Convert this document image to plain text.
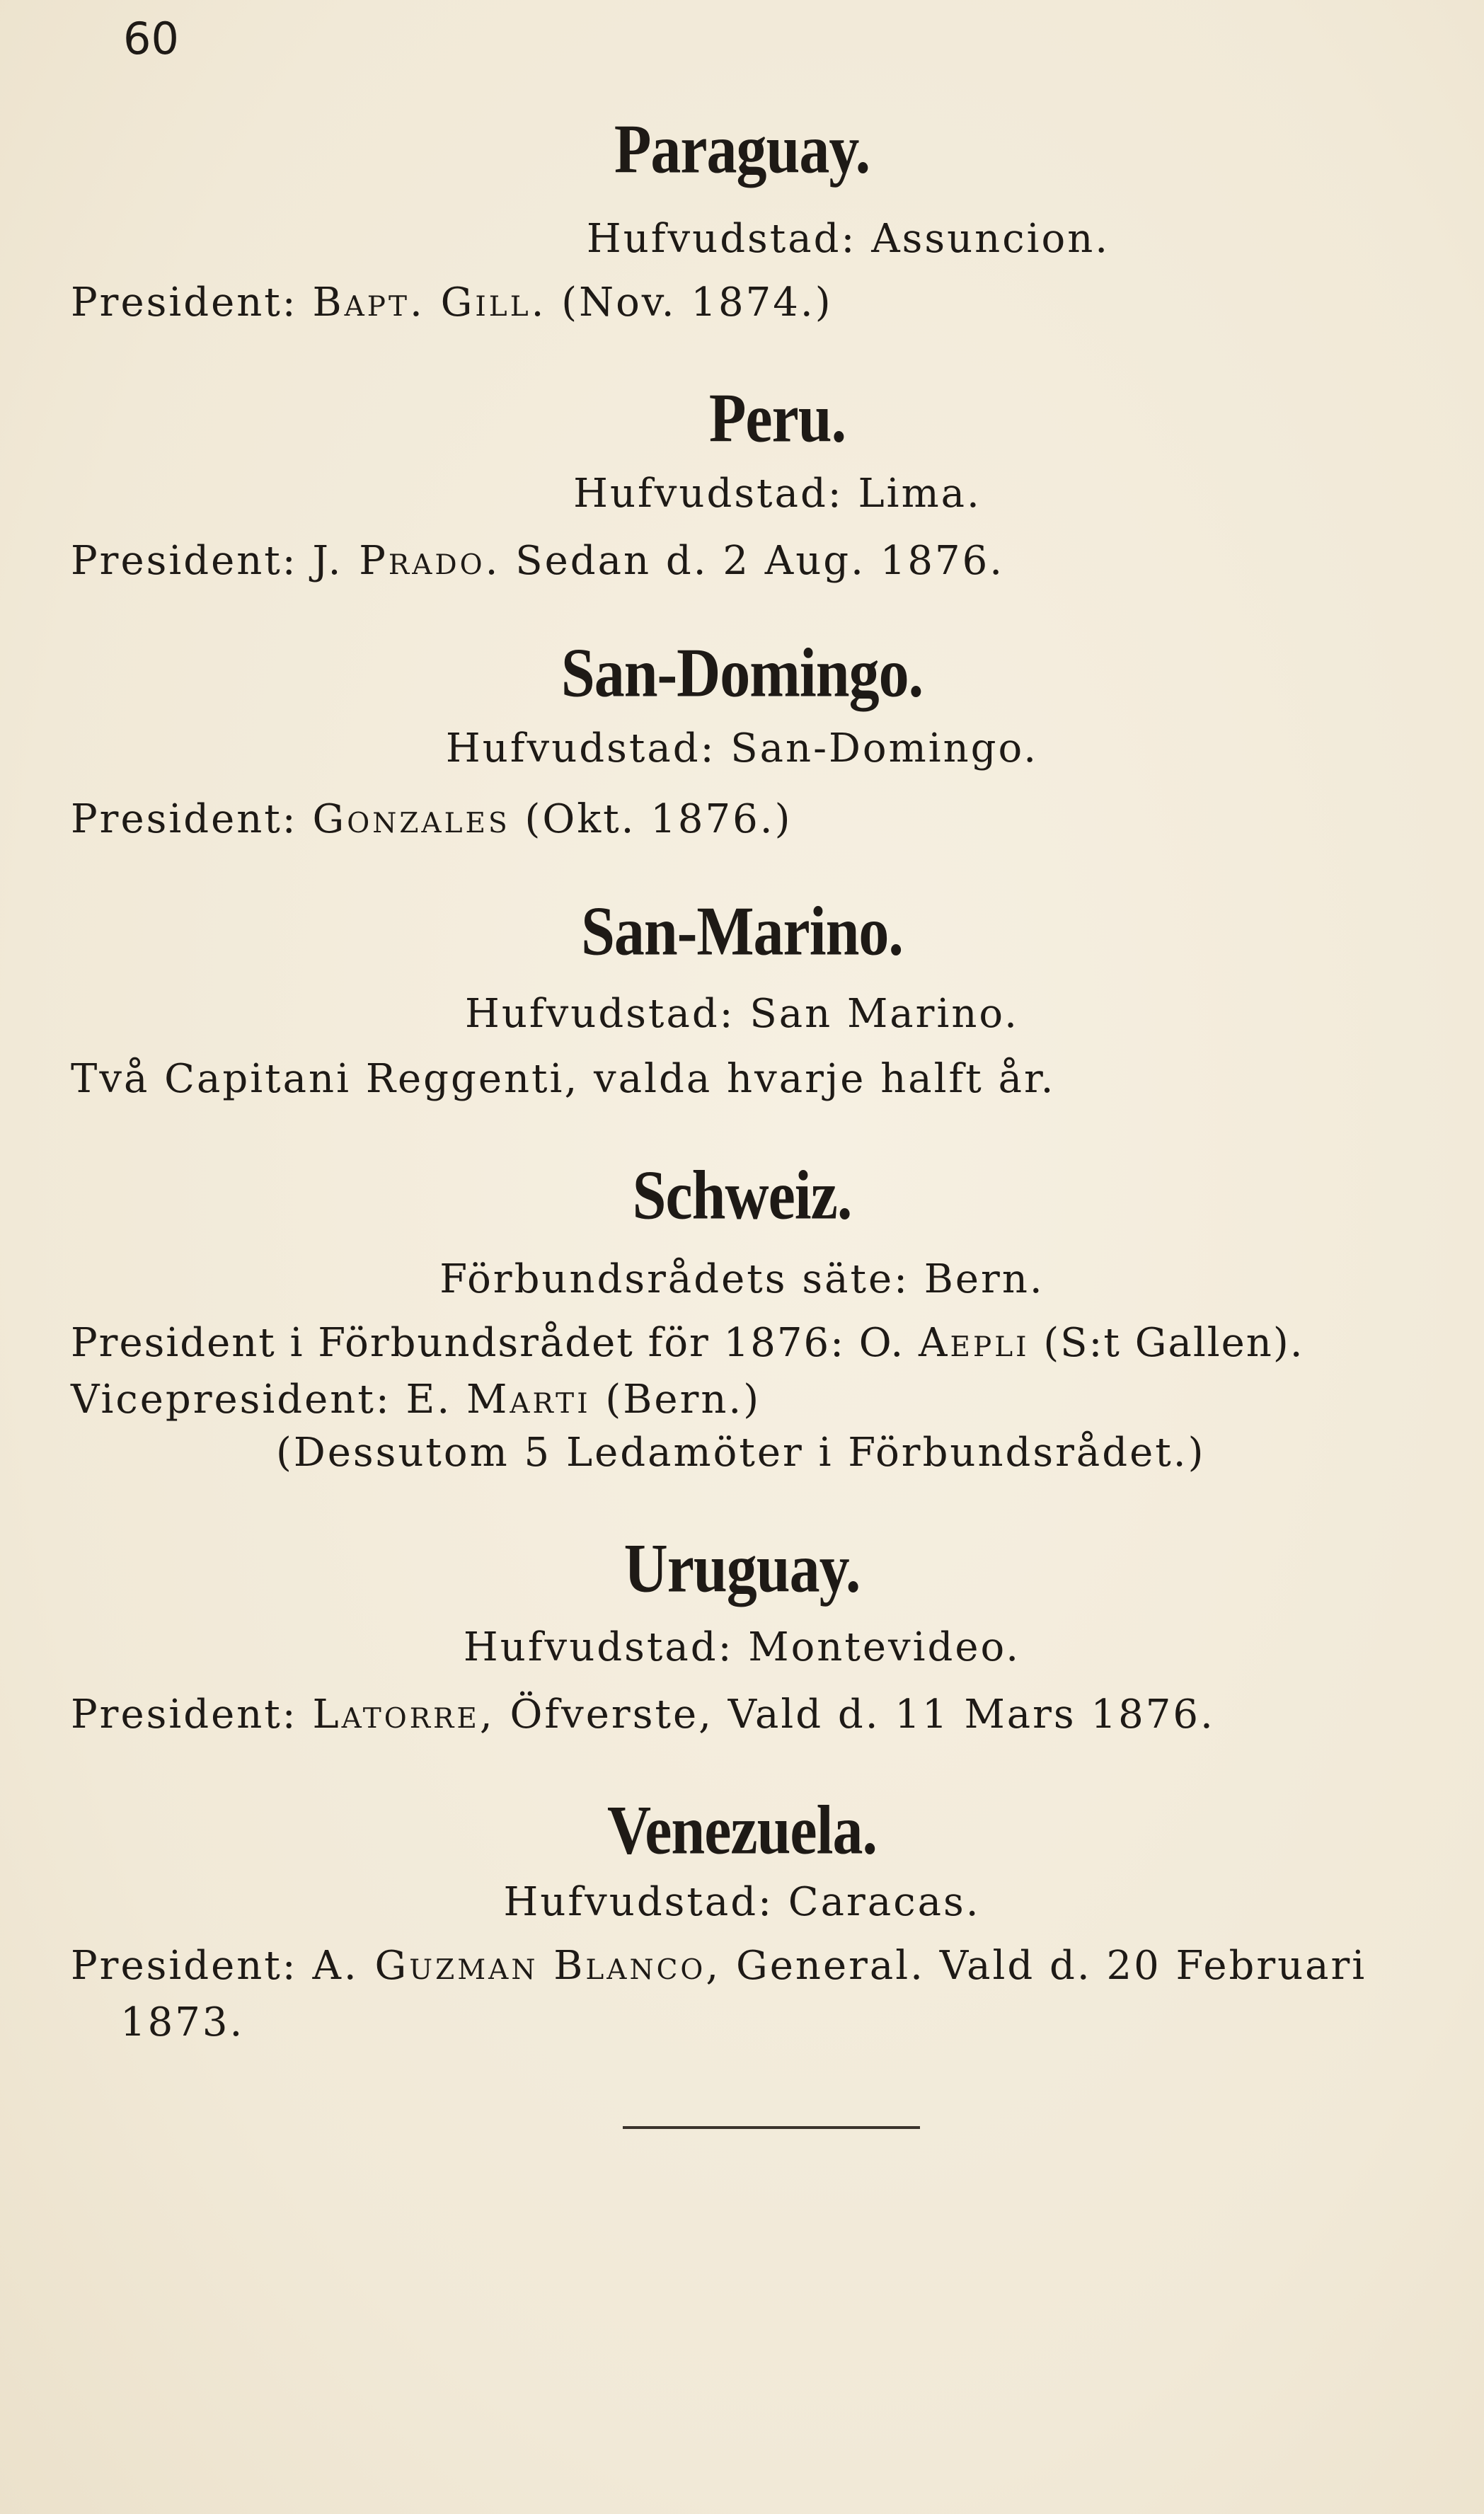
60
Paraguay.
Hufvudstad: Assuncion.
President: Bapt. Gill. (Nov. 1874.)
Peru.
Hufvudstad: Lima.
President: J. Prado. Sedan d. 2 Aug. 1876.
San-Domingo.
Hufvudstad: San-Domingo.
President: Gonzales (Okt. 1876.)
San-Marino.
Hufvudstad: San Marino.
Två Capitani Reggenti, valda hvarje halft år.
Schweiz.
Förbundsrådets säte: Bern.
President i Förbundsrådet för 1876: O. Aepli (S:t Gallen).
Vicepresident: E. Marti (Bern.)
(Dessutom 5 Ledamöter i Förbundsrådet.)
Uruguay.
Hufvudstad: Montevideo.
President: Latorre, Öfverste, Vald d. 11 Mars 1876.
Venezuela.
Hufvudstad: Caracas.
President: A. Guzman Blanco, General. Vald d. 20 Februari
1873.
